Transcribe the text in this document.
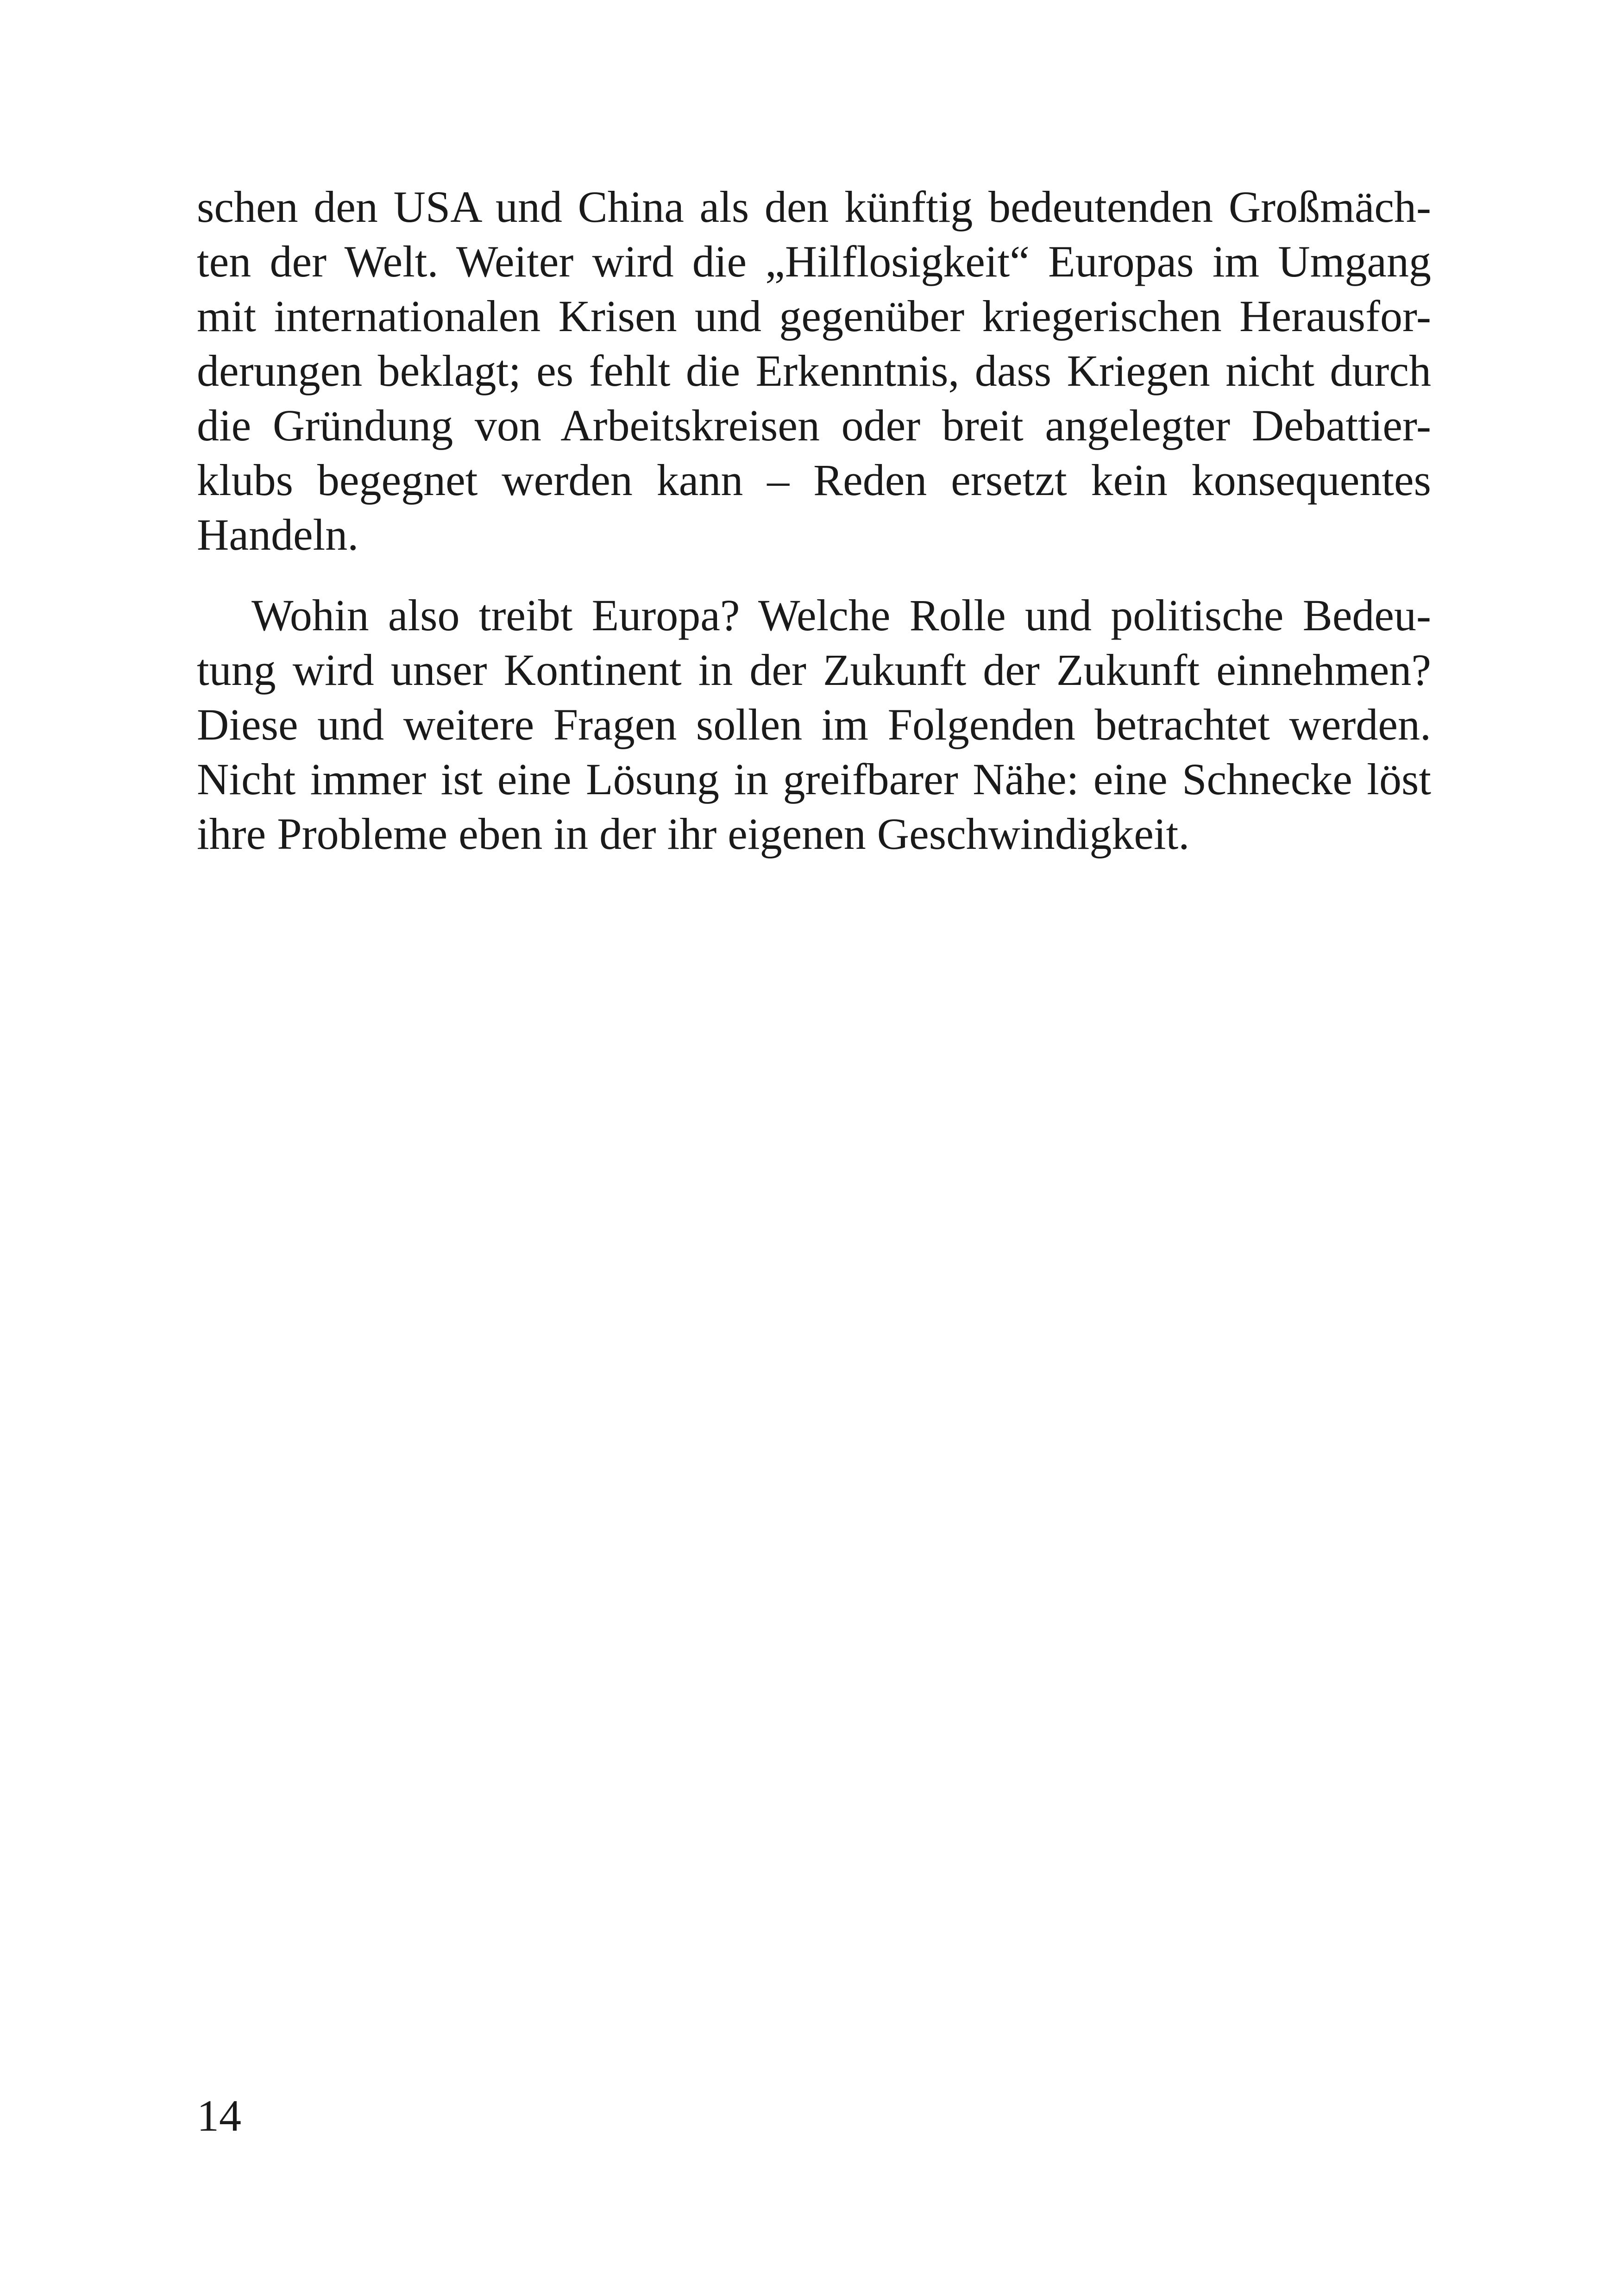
schen den USA und China als den künftig bedeutenden Großmäch-
ten der Welt. Weiter wird die „Hilflosigkeit“ Europas im Umgang
mit internationalen Krisen und gegenüber kriegerischen Herausfor-
derungen beklagt; es fehlt die Erkenntnis, dass Kriegen nicht durch
die Gründung von Arbeitskreisen oder breit angelegter Debattier-
klubs begegnet werden kann – Reden ersetzt kein konsequentes
Handeln.
Wohin also treibt Europa? Welche Rolle und politische Bedeu-
tung wird unser Kontinent in der Zukunft der Zukunft einnehmen?
Diese und weitere Fragen sollen im Folgenden betrachtet werden.
Nicht immer ist eine Lösung in greifbarer Nähe: eine Schnecke löst
ihre Probleme eben in der ihr eigenen Geschwindigkeit.
14
